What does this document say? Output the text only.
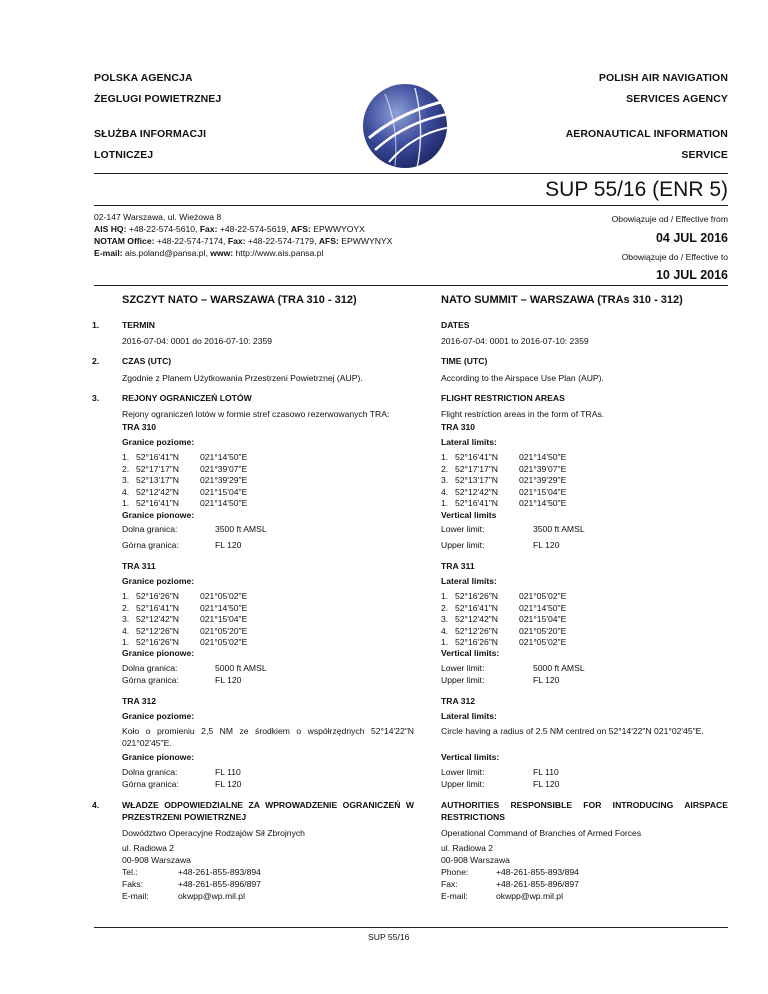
POLSKA AGENCJA
ŻEGLUGI POWIETRZNEJ
POLISH AIR NAVIGATION
SERVICES AGENCY
SŁUŻBA INFORMACJI
LOTNICZEJ
AERONAUTICAL INFORMATION
SERVICE
SUP 55/16 (ENR 5)
02-147 Warszawa, ul. Wieżowa 8
AIS HQ: +48-22-574-5610, Fax: +48-22-574-5619, AFS: EPWWYOYX
NOTAM Office: +48-22-574-7174, Fax: +48-22-574-7179, AFS: EPWWYNYX
E-mail: ais.poland@pansa.pl, www: http://www.ais.pansa.pl
Obowiązuje od / Effective from
04 JUL 2016
Obowiązuje do / Effective to
10 JUL 2016
SZCZYT NATO – WARSZAWA (TRA 310 - 312)	NATO SUMMIT – WARSZAWA (TRAs 310 - 312)
1.	TERMIN
2016-07-04: 0001 do 2016-07-10: 2359
DATES
2016-07-04: 0001 to 2016-07-10: 2359
2.	CZAS (UTC)
Zgodnie z Planem Użytkowania Przestrzeni Powietrznej (AUP).
TIME (UTC)
According to the Airspace Use Plan (AUP).
3.	REJONY OGRANICZEŃ LOTÓW
Rejony ograniczeń lotów w formie stref czasowo rezerwowanych TRA:
FLIGHT RESTRICTION AREAS
Flight restriction areas in the form of TRAs.
TRA 310	TRA 310
Granice poziome:	Lateral limits:
1. 52°16'41"N 021°14'50"E
2. 52°17'17"N 021°39'07"E
3. 52°13'17"N 021°39'29"E
4. 52°12'42"N 021°15'04"E
1. 52°16'41"N 021°14'50"E
1. 52°16'41"N 021°14'50"E
2. 52°17'17"N 021°39'07"E
3. 52°13'17"N 021°39'29"E
4. 52°12'42"N 021°15'04"E
1. 52°16'41"N 021°14'50"E
Granice pionowe:	Vertical limits
Dolna granica:	3500 ft AMSL
Górna granica:	FL 120
Lower limit:	3500 ft AMSL
Upper limit:	FL 120
TRA 311	TRA 311
Granice poziome:	Lateral limits:
1. 52°16'26"N 021°05'02"E
2. 52°16'41"N 021°14'50"E
3. 52°12'42"N 021°15'04"E
4. 52°12'26"N 021°05'20"E
1. 52°16'26"N 021°05'02"E
1. 52°16'26"N 021°05'02"E
2. 52°16'41"N 021°14'50"E
3. 52°12'42"N 021°15'04"E
4. 52°12'26"N 021°05'20"E
1. 52°16'26"N 021°05'02"E
Granice pionowe:	Vertical limits:
Dolna granica:	5000 ft AMSL
Górna granica:	FL 120
Lower limit:	5000 ft AMSL
Upper limit:	FL 120
TRA 312	TRA 312
Granice poziome:	Lateral limits:
Koło o promieniu 2,5 NM ze środkiem o współrzędnych 52°14'22"N
021°02'45"E.
Circle having a radius of 2.5 NM centred on 52°14'22"N 021°02'45"E.
Granice pionowe:	Vertical limits:
Dolna granica:	FL 110
Górna granica:	FL 120
Lower limit:	FL 110
Upper limit:	FL 120
4.	WŁADZE ODPOWIEDZIALNE ZA WPROWADZENIE OGRANICZEŃ W
PRZESTRZENI POWIETRZNEJ
AUTHORITIES RESPONSIBLE FOR INTRODUCING AIRSPACE
RESTRICTIONS
Dowództwo Operacyjne Rodzajów Sił Zbrojnych	Operational Command of Branches of Armed Forces
ul. Radiowa 2
00-908 Warszawa
Tel.:	+48-261-855-893/894
Faks:	+48-261-855-896/897
E-mail:	okwpp@wp.mil.pl
ul. Radiowa 2
00-908 Warszawa
Phone:	+48-261-855-893/894
Fax:	+48-261-855-896/897
E-mail:	okwpp@wp.mil.pl
SUP 55/16
